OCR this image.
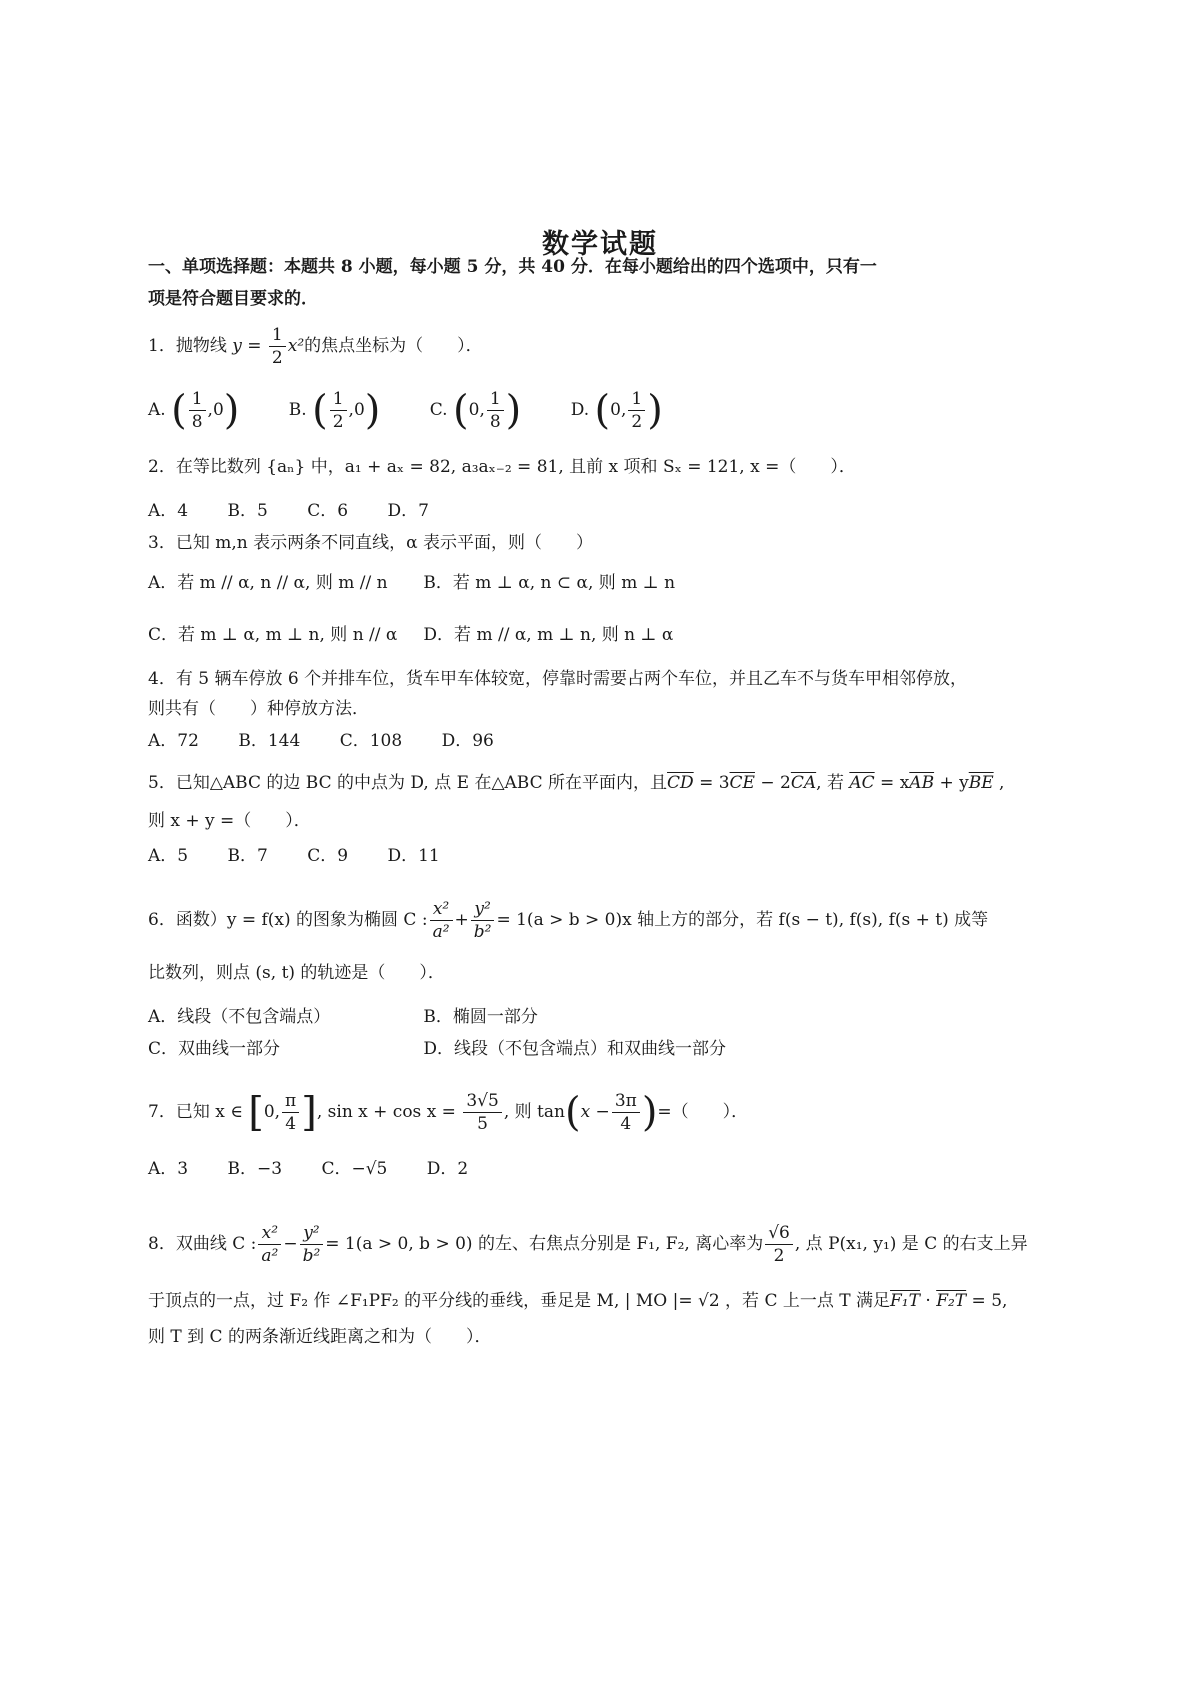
数学试题
一、单项选择题：本题共 8 小题，每小题 5 分，共 40 分．在每小题给出的四个选项中，只有一
项是符合题目要求的．
1．抛物线 $y = \frac{1}{2} x^2$的焦点坐标为（　　）．
A. ( $\frac{1}{8} ,0$)	B. ( $\frac{1}{2} ,0$)	C. (0, $\frac{1}{8}$ )	D. (0, $\frac{1}{2}$ )
2．在等比数列 {aₙ} 中，a₁ + aₓ = 82, a₃aₓ₋₂ = 81, 且前 x 项和 Sₓ = 121, x =（　　）．
A．4 B．5 C．6 D．7
3．已知 m,n 表示两条不同直线，α 表示平面，则（　　）
A．若 m // α, n // α, 则 m // n B．若 m ⊥ α, n ⊂ α, 则 m ⊥ n
C．若 m ⊥ α, m ⊥ n, 则 n // α D．若 m // α, m ⊥ n, 则 n ⊥ α
4．有 5 辆车停放 6 个并排车位，货车甲车体较宽，停靠时需要占两个车位，并且乙车不与货车甲相邻停放，
则共有（　　）种停放方法．
A．72 B．144 C．108 D．96
5．已知△ABC 的边 BC 的中点为 D, 点 E 在△ABC 所在平面内，且$\overline{CD} = 3\overline{CE} - 2\overline{CA}$, 若 $\overline{AC} = x\overline{AB} + y\overline{BE}$ ,
则 x + y =（　　）．
A．5 B．7 C．9 D．11
6．函数）y = f(x) 的图象为椭圆 C : $\frac{\text{x²}}{\text{a²}} + \frac{\text{y²}}{\text{b²}} = 1(a > b > 0)x$ 轴上方的部分，若 f(s − t), f(s), f(s + t) 成等
比数列，则点 (s, t) 的轨迹是（　　）．
A．线段（不包含端点）	B．椭圆一部分
C．双曲线一部分	D．线段（不包含端点）和双曲线一部分
7．已知 x ∈ [0, $\frac{\pi}{4}$ ], $\sin x + \cos x = \frac{3√5}{5}$ , 则 $\tan(x - \frac{3\pi}{4}$ )=（　　）．
A．3 B．−3 C．−√5 D．2
8．双曲线 C : $\frac{\text{x²}}{\text{a²}} - \frac{\text{y²}}{\text{b²}} = 1(a > 0$, b > 0) 的左、右焦点分别是 F₁, F₂, 离心率为 $\frac{√6}{2}$ , 点 P(x₁, y₁) 是 C 的右支上异
于顶点的一点，过 F₂ 作 ∠F₁PF₂ 的平分线的垂线，垂足是 M, | MO |= √2 ，若 C 上一点 T 满足F₁T · F₂T = 5,
则 T 到 C 的两条渐近线距离之和为（　　）．
